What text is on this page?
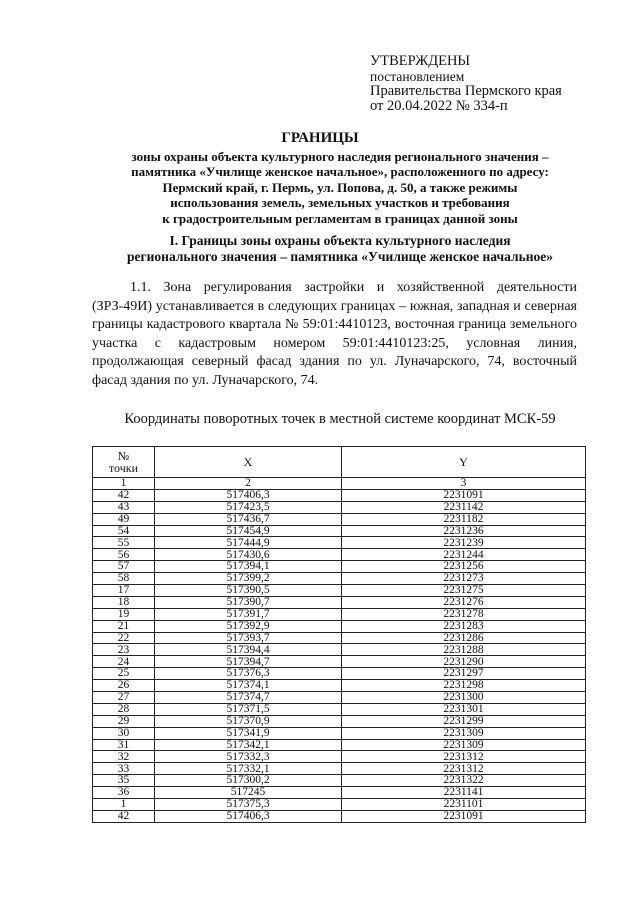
УТВЕРЖДЕНЫ
постановлением
Правительства Пермского края
от 20.04.2022 № 334-п
ГРАНИЦЫ
зоны охраны объекта культурного наследия регионального значения –
памятника «Училище женское начальное», расположенного по адресу:
Пермский край, г. Пермь, ул. Попова, д. 50, а также режимы
использования земель, земельных участков и требования
к градостроительным регламентам в границах данной зоны
I. Границы зоны охраны объекта культурного наследия
регионального значения – памятника «Училище женское начальное»

1.1. Зона регулирования застройки и хозяйственной деятельности (ЗРЗ-49И) устанавливается в следующих границах – южная, западная и северная границы кадастрового квартала № 59:01:4410123, восточная граница земельного участка с кадастровым номером 59:01:4410123:25, условная линия, продолжающая северный фасад здания по ул. Луначарского, 74, восточный фасад здания по ул. Луначарского, 74.

Координаты поворотных точек в местной системе координат МСК-59
№
точки	X	Y
1	2	3
42	517406,3	2231091
43	517423,5	2231142
49	517436,7	2231182
54	517454,9	2231236
55	517444,9	2231239
56	517430,6	2231244
57	517394,1	2231256
58	517399,2	2231273
17	517390,5	2231275
18	517390,7	2231276
19	517391,7	2231278
21	517392,9	2231283
22	517393,7	2231286
23	517394,4	2231288
24	517394,7	2231290
25	517376,3	2231297
26	517374,1	2231298
27	517374,7	2231300
28	517371,5	2231301
29	517370,9	2231299
30	517341,9	2231309
31	517342,1	2231309
32	517332,3	2231312
33	517332,1	2231312
35	517300,2	2231322
36	517245	2231141
1	517375,3	2231101
42	517406,3	2231091
